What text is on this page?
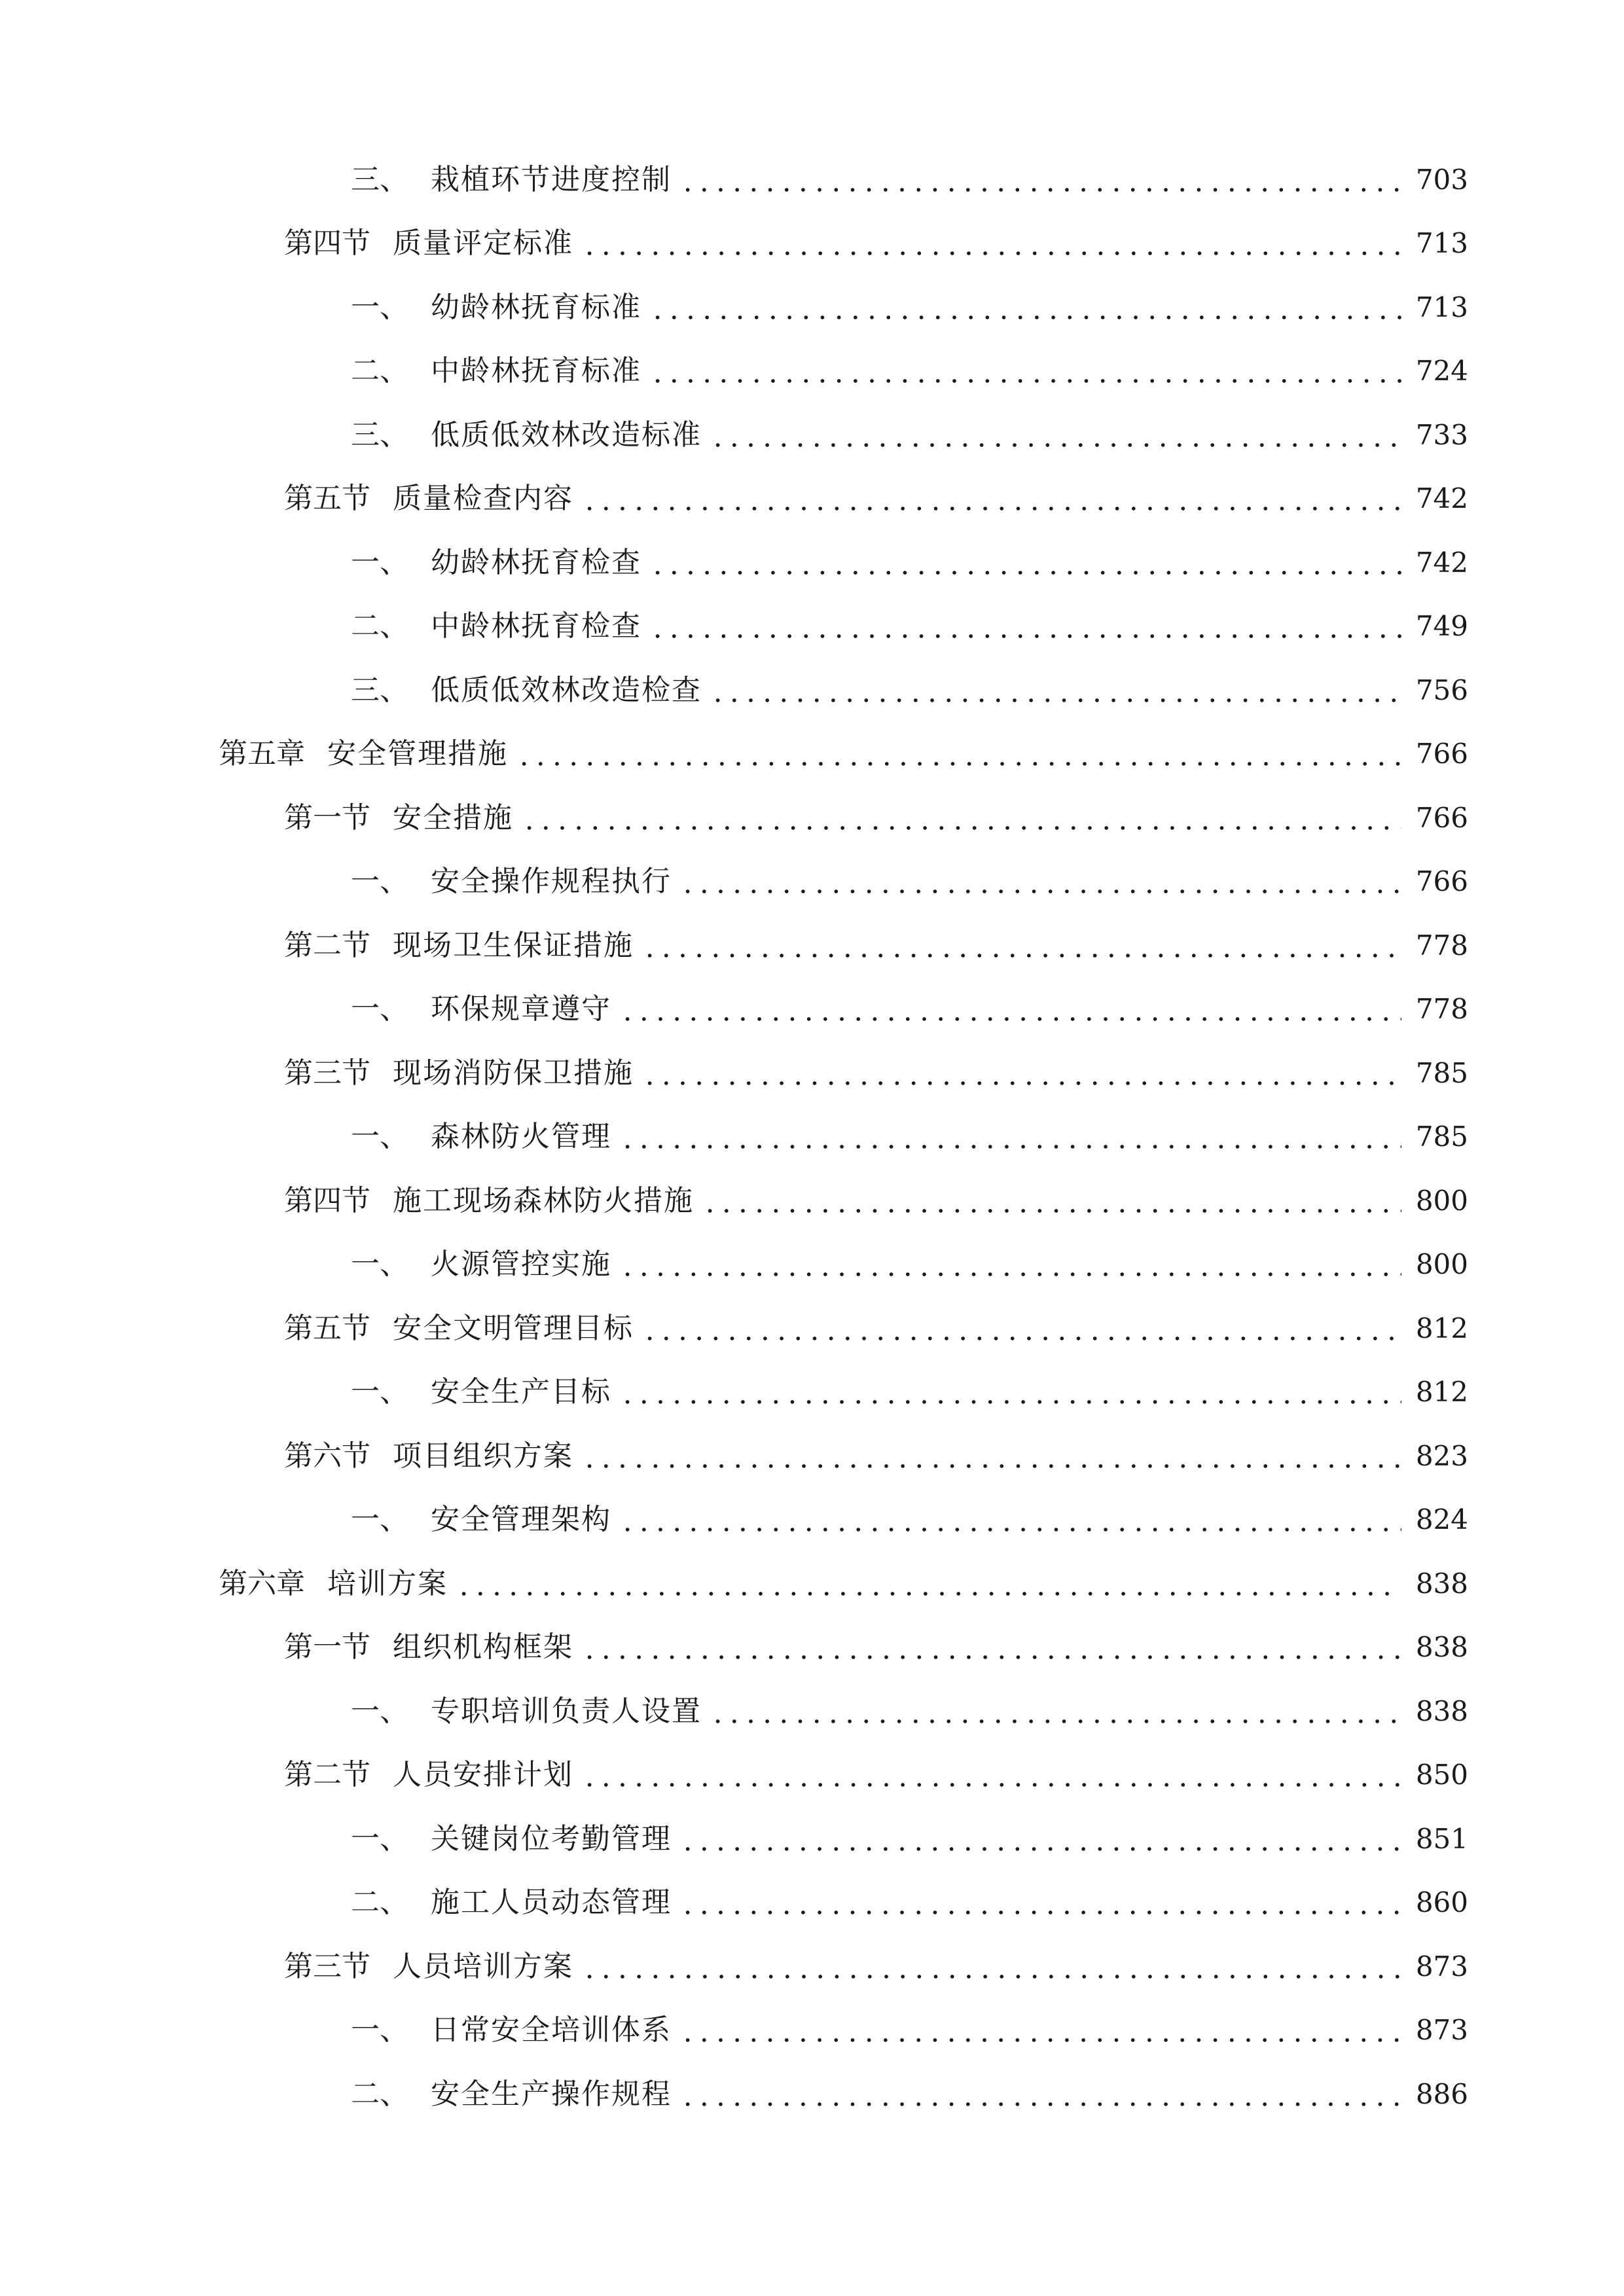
三、 栽植环节进度控制	703
第四节 质量评定标准	713
一、 幼龄林抚育标准	713
二、 中龄林抚育标准	724
三、 低质低效林改造标准	733
第五节 质量检查内容	742
一、 幼龄林抚育检查	742
二、 中龄林抚育检查	749
三、 低质低效林改造检查	756
第五章 安全管理措施	766
第一节 安全措施	766
一、 安全操作规程执行	766
第二节 现场卫生保证措施	778
一、 环保规章遵守	778
第三节 现场消防保卫措施	785
一、 森林防火管理	785
第四节 施工现场森林防火措施	800
一、 火源管控实施	800
第五节 安全文明管理目标	812
一、 安全生产目标	812
第六节 项目组织方案	823
一、 安全管理架构	824
第六章 培训方案	838
第一节 组织机构框架	838
一、 专职培训负责人设置	838
第二节 人员安排计划	850
一、 关键岗位考勤管理	851
二、 施工人员动态管理	860
第三节 人员培训方案	873
一、 日常安全培训体系	873
二、 安全生产操作规程	886
